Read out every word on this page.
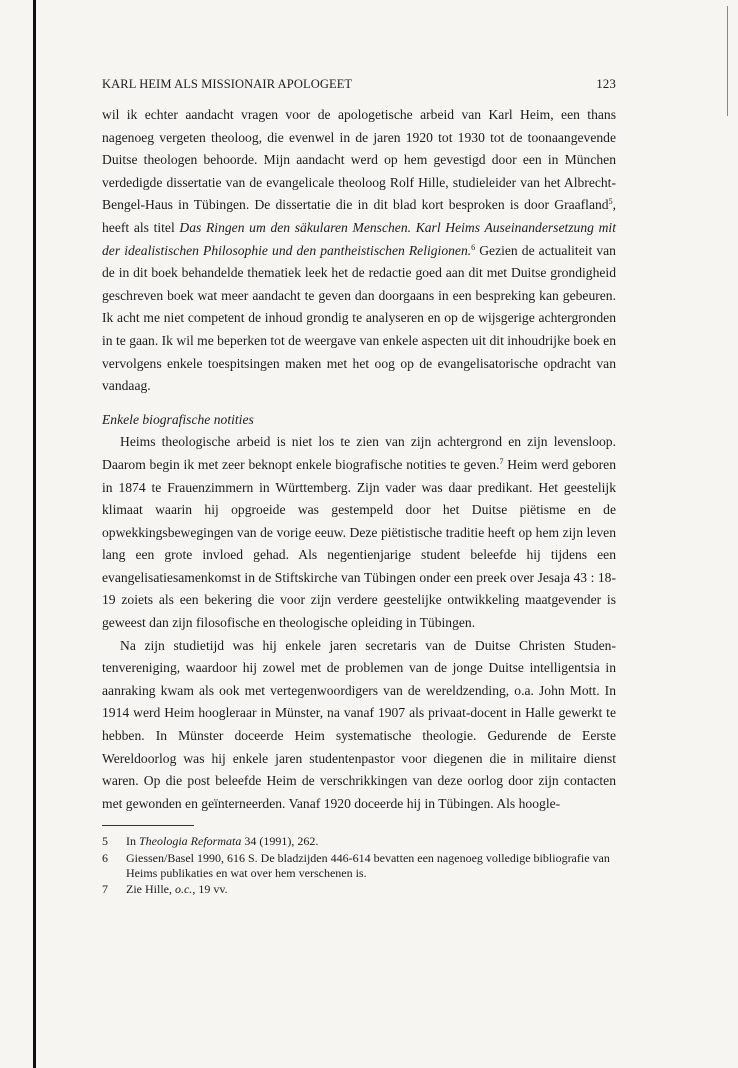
KARL HEIM ALS MISSIONAIR APOLOGEET	123

wil ik echter aandacht vragen voor de apologetische arbeid van Karl Heim, een thans nagenoeg vergeten theoloog, die evenwel in de jaren 1920 tot 1930 tot de toonaangevende Duitse theologen behoorde. Mijn aandacht werd op hem gevestigd door een in München verdedigde dissertatie van de evangelicale theoloog Rolf Hille, studieleider van het Albrecht-Bengel-Haus in Tübingen. De dissertatie die in dit blad kort besproken is door Graafland$^5$, heeft als titel Das Ringen um den säkularen Menschen. Karl Heims Auseinandersetzung mit der idealistischen Philosophie und den pantheistischen Religionen.$^6$ Gezien de actualiteit van de in dit boek behandelde thematiek leek het de redactie goed aan dit met Duitse grondigheid geschreven boek wat meer aandacht te geven dan doorgaans in een bespreking kan gebeuren. Ik acht me niet competent de inhoud grondig te analyseren en op de wijsgerige achtergronden in te gaan. Ik wil me beperken tot de weergave van enkele aspecten uit dit inhoudrijke boek en vervolgens enkele toespitsingen maken met het oog op de evangelisatorische opdracht van vandaag.

Enkele biografische notities

Heims theologische arbeid is niet los te zien van zijn achtergrond en zijn levensloop. Daarom begin ik met zeer beknopt enkele biografische notities te geven.$^7$ Heim werd geboren in 1874 te Frauenzimmern in Württemberg. Zijn vader was daar predikant. Het geestelijk klimaat waarin hij opgroeide was gestempeld door het Duitse piëtisme en de opwekkingsbewegingen van de vorige eeuw. Deze piëtistische traditie heeft op hem zijn leven lang een grote invloed gehad. Als negentienjarige student beleefde hij tijdens een evangelisatiesamenkomst in de Stiftskirche van Tübingen onder een preek over Jesaja 43 : 18-19 zoiets als een bekering die voor zijn verdere geestelijke ontwikkeling maatgevender is geweest dan zijn filosofische en theologische opleiding in Tübingen.

Na zijn studietijd was hij enkele jaren secretaris van de Duitse Christen Studentenvereniging, waardoor hij zowel met de problemen van de jonge Duitse intelligentsia in aanraking kwam als ook met vertegenwoordigers van de wereldzending, o.a. John Mott. In 1914 werd Heim hoogleraar in Münster, na vanaf 1907 als privaat-docent in Halle gewerkt te hebben. In Münster doceerde Heim systematische theologie. Gedurende de Eerste Wereldoorlog was hij enkele jaren studentenpastor voor diegenen die in militaire dienst waren. Op die post beleefde Heim de verschrikkingen van deze oorlog door zijn contacten met gewonden en geïnterneerden. Vanaf 1920 doceerde hij in Tübingen. Als hoogle-

5	In Theologia Reformata 34 (1991), 262.
6	Giessen/Basel 1990, 616 S. De bladzijden 446-614 bevatten een nagenoeg volledige bibliografie van Heims publikaties en wat over hem verschenen is.
7	Zie Hille, o.c., 19 vv.
